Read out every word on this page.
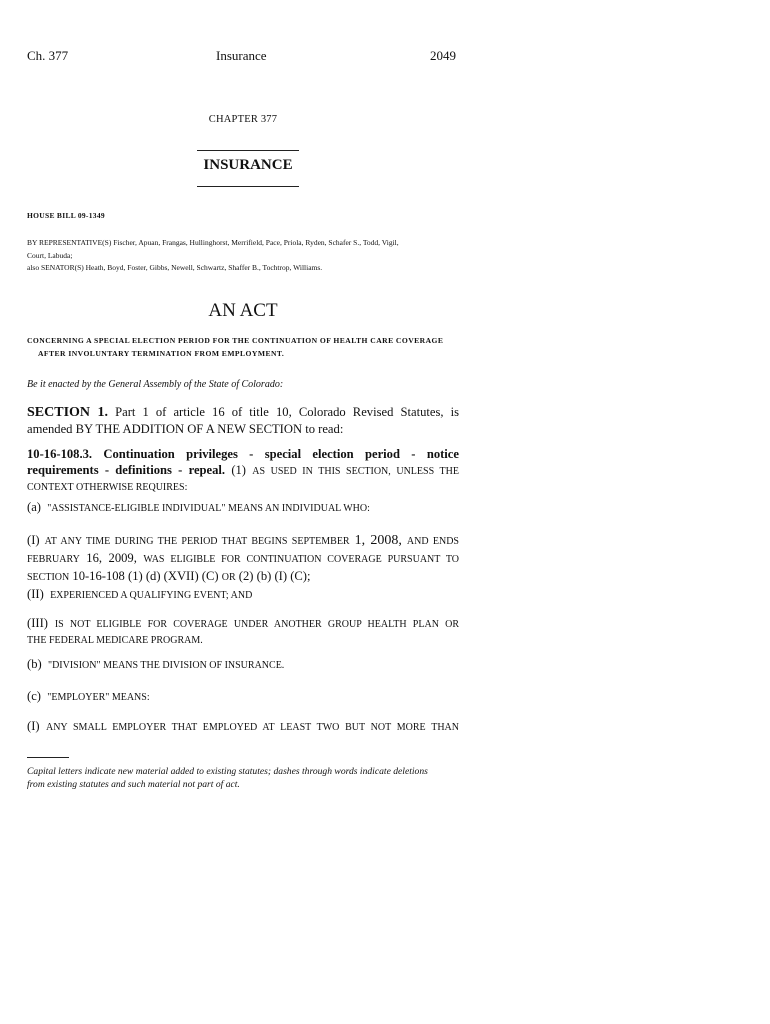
Ch. 377	Insurance	2049
CHAPTER 377
INSURANCE
HOUSE BILL 09-1349
BY REPRESENTATIVE(S) Fischer, Apuan, Frangas, Hullinghorst, Merrifield, Pace, Priola, Ryden, Schafer S., Todd, Vigil,
Court, Labuda;
also SENATOR(S) Heath, Boyd, Foster, Gibbs, Newell, Schwartz, Shaffer B., Tochtrop, Williams.
AN ACT
CONCERNING A SPECIAL ELECTION PERIOD FOR THE CONTINUATION OF HEALTH CARE COVERAGE
AFTER INVOLUNTARY TERMINATION FROM EMPLOYMENT.
Be it enacted by the General Assembly of the State of Colorado:
SECTION 1. Part 1 of article 16 of title 10, Colorado Revised Statutes, is
amended BY THE ADDITION OF A NEW SECTION to read:
10-16-108.3. Continuation privileges - special election period - notice
requirements - definitions - repeal. (1) AS USED IN THIS SECTION, UNLESS THE
CONTEXT OTHERWISE REQUIRES:
(a) "ASSISTANCE-ELIGIBLE INDIVIDUAL" MEANS AN INDIVIDUAL WHO:
(I) AT ANY TIME DURING THE PERIOD THAT BEGINS SEPTEMBER 1, 2008, AND ENDS
FEBRUARY 16, 2009, WAS ELIGIBLE FOR CONTINUATION COVERAGE PURSUANT TO
SECTION 10-16-108 (1) (d) (XVII) (C) OR (2) (b) (I) (C);
(II) EXPERIENCED A QUALIFYING EVENT; AND
(III) IS NOT ELIGIBLE FOR COVERAGE UNDER ANOTHER GROUP HEALTH PLAN OR
THE FEDERAL MEDICARE PROGRAM.
(b) "DIVISION" MEANS THE DIVISION OF INSURANCE.
(c) "EMPLOYER" MEANS:
(I) ANY SMALL EMPLOYER THAT EMPLOYED AT LEAST TWO BUT NOT MORE THAN
Capital letters indicate new material added to existing statutes; dashes through words indicate deletions
from existing statutes and such material not part of act.
